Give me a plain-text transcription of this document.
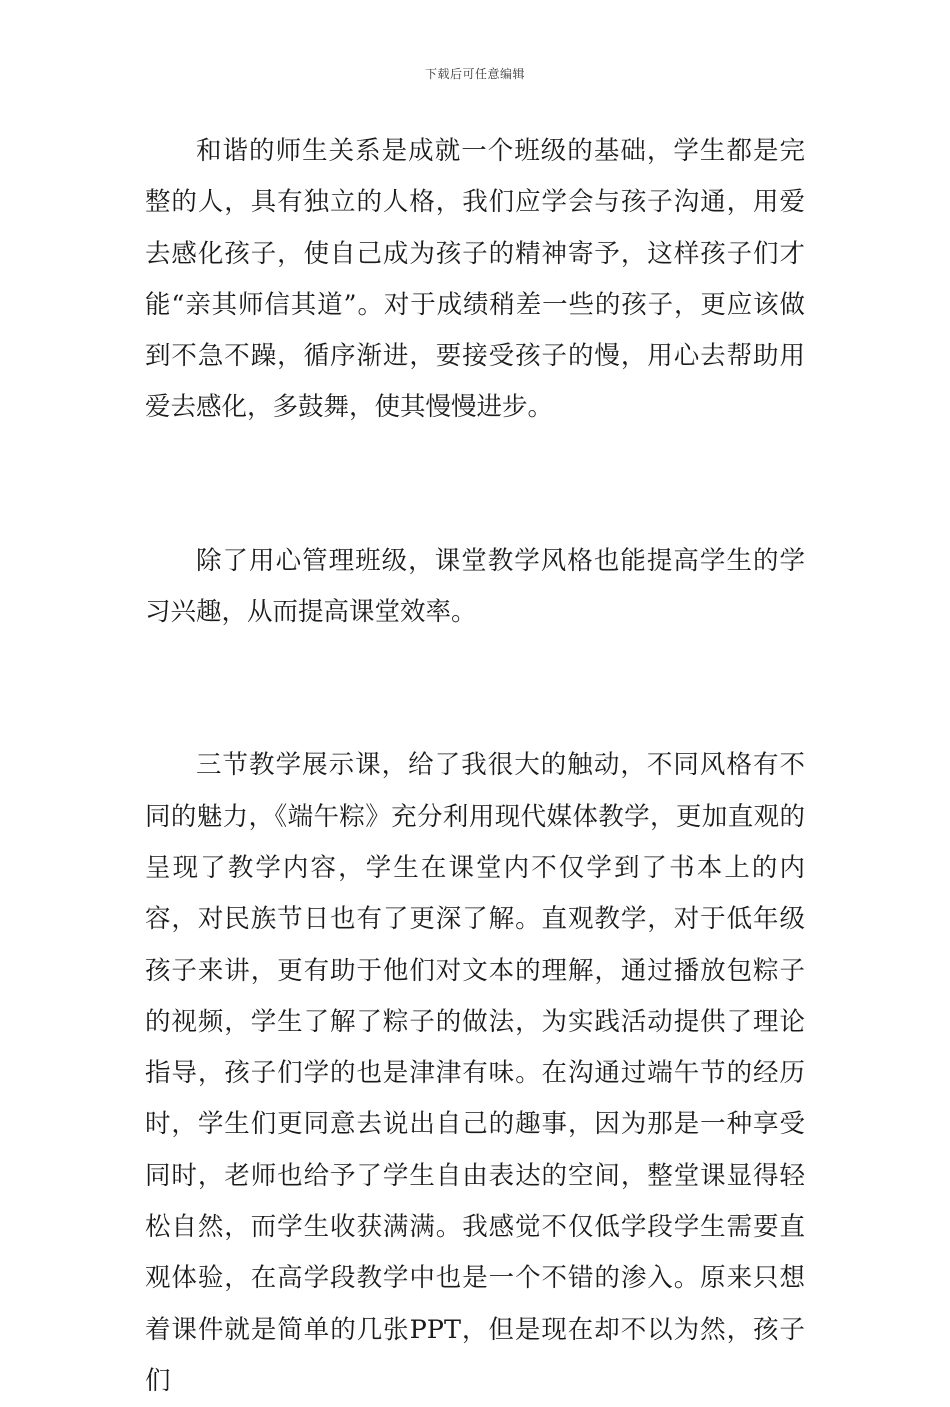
下载后可任意编辑

和谐的师生关系是成就一个班级的基础，学生都是完整的人，具有独立的人格，我们应学会与孩子沟通，用爱去感化孩子，使自己成为孩子的精神寄予，这样孩子们才能“亲其师信其道”。对于成绩稍差一些的孩子，更应该做到不急不躁，循序渐进，要接受孩子的慢，用心去帮助用爱去感化，多鼓舞，使其慢慢进步。

除了用心管理班级，课堂教学风格也能提高学生的学习兴趣，从而提高课堂效率。

三节教学展示课，给了我很大的触动，不同风格有不同的魅力，《端午粽》充分利用现代媒体教学，更加直观的呈现了教学内容，学生在课堂内不仅学到了书本上的内容，对民族节日也有了更深了解。直观教学，对于低年级孩子来讲，更有助于他们对文本的理解，通过播放包粽子的视频，学生了解了粽子的做法，为实践活动提供了理论指导，孩子们学的也是津津有味。在沟通过端午节的经历时，学生们更同意去说出自己的趣事，因为那是一种享受同时，老师也给予了学生自由表达的空间，整堂课显得轻松自然，而学生收获满满。我感觉不仅低学段学生需要直观体验，在高学段教学中也是一个不错的渗入。原来只想着课件就是简单的几张PPT，但是现在却不以为然，孩子们
